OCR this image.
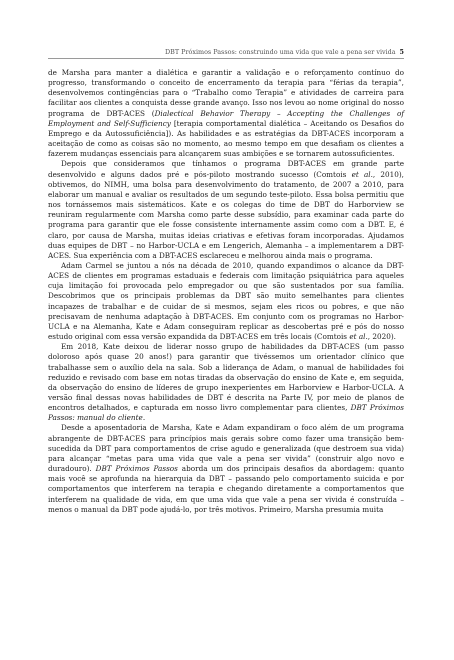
DBT Próximos Passos: construindo uma vida que vale a pena ser vivida 5

de Marsha para manter a dialética e garantir a validação e o reforçamento contínuo do progresso, transformando o conceito de encerramento da terapia para “férias da terapia”, desenvolvemos contingências para o “Trabalho como Terapia” e atividades de carreira para facilitar aos clientes a conquista desse grande avanço. Isso nos levou ao nome original do nosso programa de DBT-ACES (Dialectical Behavior Therapy – Accepting the Challenges of Employment and Self-Sufficiency [terapia comportamental dialética – Aceitando os Desafios do Emprego e da Autossuficiência]). As habilidades e as estratégias da DBT-ACES incorporam a aceitação de como as coisas são no momento, ao mesmo tempo em que desafiam os clientes a fazerem mudanças essenciais para alcançarem suas ambições e se tornarem autossuficientes.

Depois que consideramos que tínhamos o programa DBT-ACES em grande parte desenvolvido e alguns dados pré e pós-piloto mostrando sucesso (Comtois et al., 2010), obtivemos, do NIMH, uma bolsa para desenvolvimento do tratamento, de 2007 a 2010, para elaborar um manual e avaliar os resultados de um segundo teste-piloto. Essa bolsa permitiu que nos tornássemos mais sistemáticos. Kate e os colegas do time de DBT do Harborview se reuniram regularmente com Marsha como parte desse subsídio, para examinar cada parte do programa para garantir que ele fosse consistente internamente assim como com a DBT. E, é claro, por causa de Marsha, muitas ideias criativas e efetivas foram incorporadas. Ajudamos duas equipes de DBT – no Harbor-UCLA e em Lengerich, Alemanha – a implementarem a DBT-ACES. Sua experiência com a DBT-ACES esclareceu e melhorou ainda mais o programa.

Adam Carmel se juntou a nós na década de 2010, quando expandimos o alcance da DBT-ACES de clientes em programas estaduais e federais com limitação psiquiátrica para aqueles cuja limitação foi provocada pelo empregador ou que são sustentados por sua família. Descobrimos que os principais problemas da DBT são muito semelhantes para clientes incapazes de trabalhar e de cuidar de si mesmos, sejam eles ricos ou pobres, e que não precisavam de nenhuma adaptação à DBT-ACES. Em conjunto com os programas no Harbor-UCLA e na Alemanha, Kate e Adam conseguiram replicar as descobertas pré e pós do nosso estudo original com essa versão expandida da DBT-ACES em três locais (Comtois et al., 2020).

Em 2018, Kate deixou de liderar nosso grupo de habilidades da DBT-ACES (um passo doloroso após quase 20 anos!) para garantir que tivéssemos um orientador clínico que trabalhasse sem o auxílio dela na sala. Sob a liderança de Adam, o manual de habilidades foi reduzido e revisado com base em notas tiradas da observação do ensino de Kate e, em seguida, da observação do ensino de líderes de grupo inexperientes em Harborview e Harbor-UCLA. A versão final dessas novas habilidades de DBT é descrita na Parte IV, por meio de planos de encontros detalhados, e capturada em nosso livro complementar para clientes, DBT Próximos Passos: manual do cliente.

Desde a aposentadoria de Marsha, Kate e Adam expandiram o foco além de um programa abrangente de DBT-ACES para princípios mais gerais sobre como fazer uma transição bem-sucedida da DBT para comportamentos de crise agudo e generalizada (que destroem sua vida) para alcançar “metas para uma vida que vale a pena ser vivida” (construir algo novo e duradouro). DBT Próximos Passos aborda um dos principais desafios da abordagem: quanto mais você se aprofunda na hierarquia da DBT – passando pelo comportamento suicida e por comportamentos que interferem na terapia e chegando diretamente a comportamentos que interferem na qualidade de vida, em que uma vida que vale a pena ser vivida é construída – menos o manual da DBT pode ajudá-lo, por três motivos. Primeiro, Marsha presumia muita
